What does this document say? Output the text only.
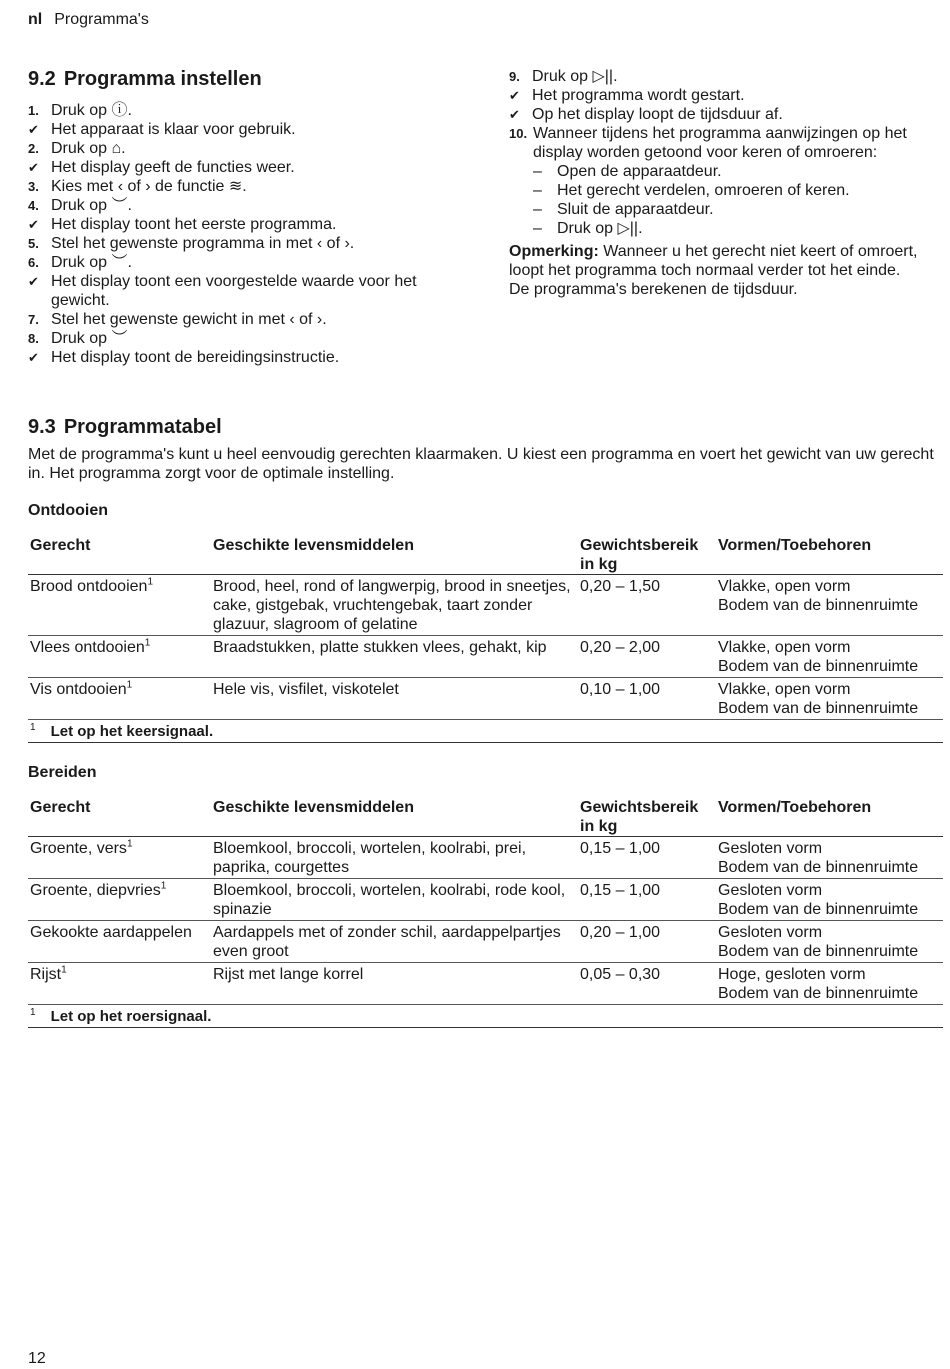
nl Programma's
9.2 Programma instellen
1. Druk op ⓘ.
✔ Het apparaat is klaar voor gebruik.
2. Druk op ⌂.
✔ Het display geeft de functies weer.
3. Kies met ‹ of › de functie ≋.
4. Druk op ︶.
✔ Het display toont het eerste programma.
5. Stel het gewenste programma in met ‹ of ›.
6. Druk op ︶.
✔ Het display toont een voorgestelde waarde voor het gewicht.
7. Stel het gewenste gewicht in met ‹ of ›.
8. Druk op ︶
✔ Het display toont de bereidingsinstructie.
9. Druk op ▷||.
✔ Het programma wordt gestart.
✔ Op het display loopt de tijdsduur af.
10. Wanneer tijdens het programma aanwijzingen op het display worden getoond voor keren of omroeren:
– Open de apparaatdeur.
– Het gerecht verdelen, omroeren of keren.
– Sluit de apparaatdeur.
– Druk op ▷||.
Opmerking: Wanneer u het gerecht niet keert of omroert, loopt het programma toch normaal verder tot het einde.
De programma's berekenen de tijdsduur.
9.3 Programmatabel
Met de programma's kunt u heel eenvoudig gerechten klaarmaken. U kiest een programma en voert het gewicht van uw gerecht in. Het programma zorgt voor de optimale instelling.
Ontdooien
Gerecht	Geschikte levensmiddelen	Gewichtsbereik in kg	Vormen/Toebehoren
Brood ontdooien$^1$	Brood, heel, rond of langwerpig, brood in sneetjes, cake, gistgebak, vruchtengebak, taart zonder glazuur, slagroom of gelatine	0,20 – 1,50	Vlakke, open vorm
Bodem van de binnenruimte

Vlees ontdooien$^1$	Braadstukken, platte stukken vlees, gehakt, kip	0,20 – 2,00	Vlakke, open vorm
Bodem van de binnenruimte

Vis ontdooien$^1$	Hele vis, visfilet, viskotelet	0,10 – 1,00	Vlakke, open vorm
Bodem van de binnenruimte

$^1$  Let op het keersignaal.			
Bereiden
Gerecht	Geschikte levensmiddelen	Gewichtsbereik in kg	Vormen/Toebehoren
Groente, vers$^1$	Bloemkool, broccoli, wortelen, koolrabi, prei, paprika, courgettes	0,15 – 1,00	Gesloten vorm
Bodem van de binnenruimte

Groente, diepvries$^1$	Bloemkool, broccoli, wortelen, koolrabi, rode kool, spinazie	0,15 – 1,00	Gesloten vorm
Bodem van de binnenruimte

Gekookte aardappelen	Aardappels met of zonder schil, aardappelpartjes even groot	0,20 – 1,00	Gesloten vorm
Bodem van de binnenruimte

Rijst$^1$	Rijst met lange korrel	0,05 – 0,30	Hoge, gesloten vorm
Bodem van de binnenruimte

$^1$  Let op het roersignaal.			
12
